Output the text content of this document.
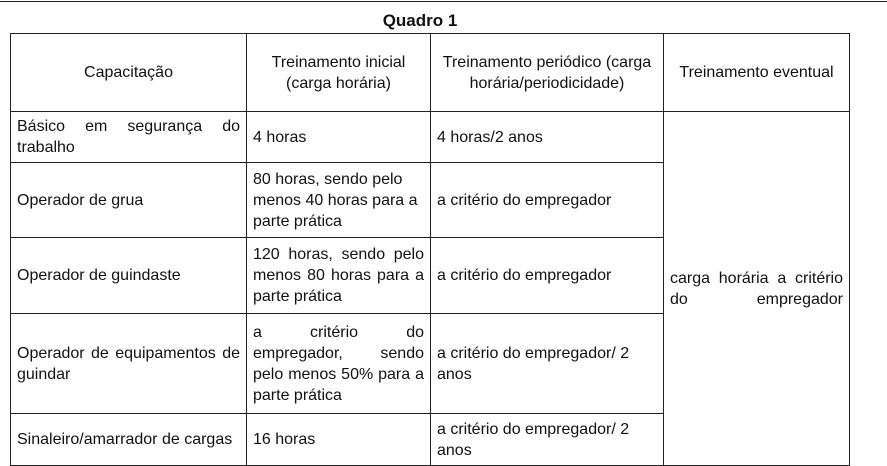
Quadro 1
Capacitação	Treinamento inicial (carga horária)	Treinamento periódico (carga horária/periodicidade)	Treinamento eventual
Básico em segurança do trabalho	4 horas	4 horas/2 anos	carga horária a critério do empregador
Operador de grua	80 horas, sendo pelo menos 40 horas para a parte prática	a critério do empregador	
Operador de guindaste	120 horas, sendo pelo menos 80 horas para a parte prática	a critério do empregador	
Operador de equipamentos de guindar	a critério do empregador, sendo pelo menos 50% para a parte prática	a critério do empregador/ 2 anos	
Sinaleiro/amarrador de cargas	16 horas	a critério do empregador/ 2 anos	
